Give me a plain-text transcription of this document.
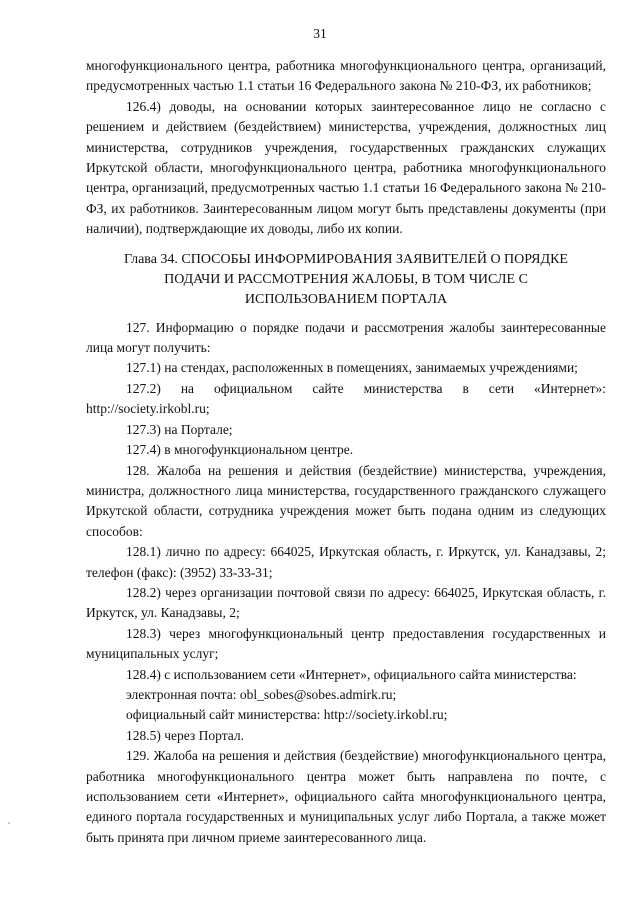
31

многофункционального центра, работника многофункционального центра, организаций, предусмотренных частью 1.1 статьи 16 Федерального закона № 210-ФЗ, их работников;

126.4) доводы, на основании которых заинтересованное лицо не согласно с решением и действием (бездействием) министерства, учреждения, должностных лиц министерства, сотрудников учреждения, государственных гражданских служащих Иркутской области, многофункционального центра, работника многофункционального центра, организаций, предусмотренных частью 1.1 статьи 16 Федерального закона № 210-ФЗ, их работников. Заинтересованным лицом могут быть представлены документы (при наличии), подтверждающие их доводы, либо их копии.

Глава 34. СПОСОБЫ ИНФОРМИРОВАНИЯ ЗАЯВИТЕЛЕЙ О ПОРЯДКЕ
ПОДАЧИ И РАССМОТРЕНИЯ ЖАЛОБЫ, В ТОМ ЧИСЛЕ С
ИСПОЛЬЗОВАНИЕМ ПОРТАЛА

127. Информацию о порядке подачи и рассмотрения жалобы заинтересованные лица могут получить:

127.1) на стендах, расположенных в помещениях, занимаемых учреждениями;

127.2) на официальном сайте министерства в сети «Интернет»: http://society.irkobl.ru;

127.3) на Портале;

127.4) в многофункциональном центре.

128. Жалоба на решения и действия (бездействие) министерства, учреждения, министра, должностного лица министерства, государственного гражданского служащего Иркутской области, сотрудника учреждения может быть подана одним из следующих способов:

128.1) лично по адресу: 664025, Иркутская область, г. Иркутск, ул. Канадзавы, 2; телефон (факс): (3952) 33-33-31;

128.2) через организации почтовой связи по адресу: 664025, Иркутская область, г. Иркутск, ул. Канадзавы, 2;

128.3) через многофункциональный центр предоставления государственных и муниципальных услуг;

128.4) с использованием сети «Интернет», официального сайта министерства:

электронная почта: obl_sobes@sobes.admirk.ru;

официальный сайт министерства: http://society.irkobl.ru;

128.5) через Портал.

129. Жалоба на решения и действия (бездействие) многофункционального центра, работника многофункционального центра может быть направлена по почте, с использованием сети «Интернет», официального сайта многофункционального центра, единого портала государственных и муниципальных услуг либо Портала, а также может быть принята при личном приеме заинтересованного лица.
